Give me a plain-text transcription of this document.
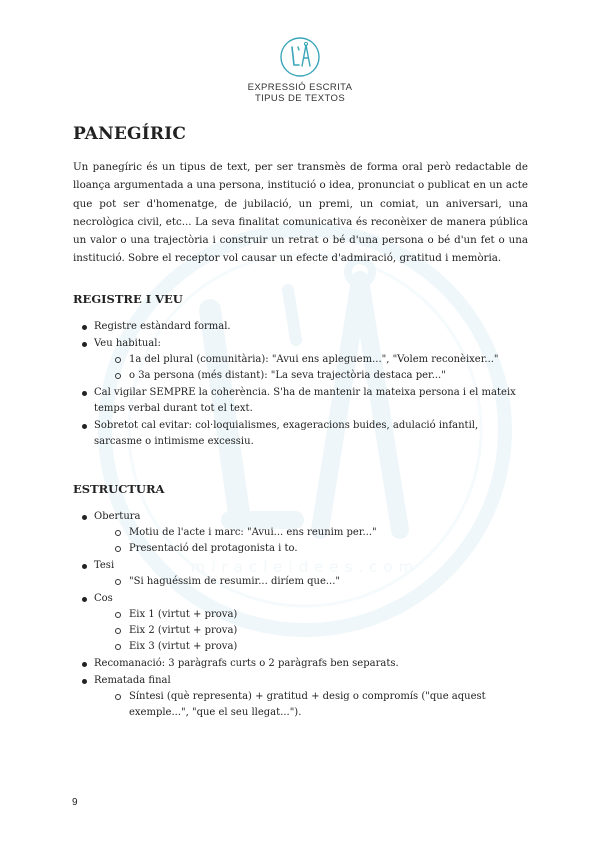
miracleidees.com
EXPRESSIÓ ESCRITA
TIPUS DE TEXTOS
PANEGÍRIC

Un panegíric és un tipus de text, per ser transmès de forma oral però redactable de lloança argumentada a una persona, institució o idea, pronunciat o publicat en un acte que pot ser d'homenatge, de jubilació, un premi, un comiat, un aniversari, una necrològica civil, etc... La seva finalitat comunicativa és reconèixer de manera pública un valor o una trajectòria i construir un retrat o bé d'una persona o bé d'un fet o una institució. Sobre el receptor vol causar un efecte d'admiració, gratitud i memòria.

REGISTRE I VEU
Registre estàndard formal.
Veu habitual:
1a del plural (comunitària): "Avui ens apleguem...", "Volem reconèixer..."
o 3a persona (més distant): "La seva trajectòria destaca per..."
Cal vigilar SEMPRE la coherència. S'ha de mantenir la mateixa persona i el mateix temps verbal durant tot el text.
Sobretot cal evitar: col·loquialismes, exageracions buides, adulació infantil, sarcasme o intimisme excessiu.
ESTRUCTURA
Obertura
Motiu de l'acte i marc: "Avui... ens reunim per..."
Presentació del protagonista i to.
Tesi
"Si haguéssim de resumir... diríem que..."
Cos
Eix 1 (virtut + prova)
Eix 2 (virtut + prova)
Eix 3 (virtut + prova)
Recomanació: 3 paràgrafs curts o 2 paràgrafs ben separats.
Rematada final
Síntesi (què representa) + gratitud + desig o compromís ("que aquest exemple...", "que el seu llegat...").
9
